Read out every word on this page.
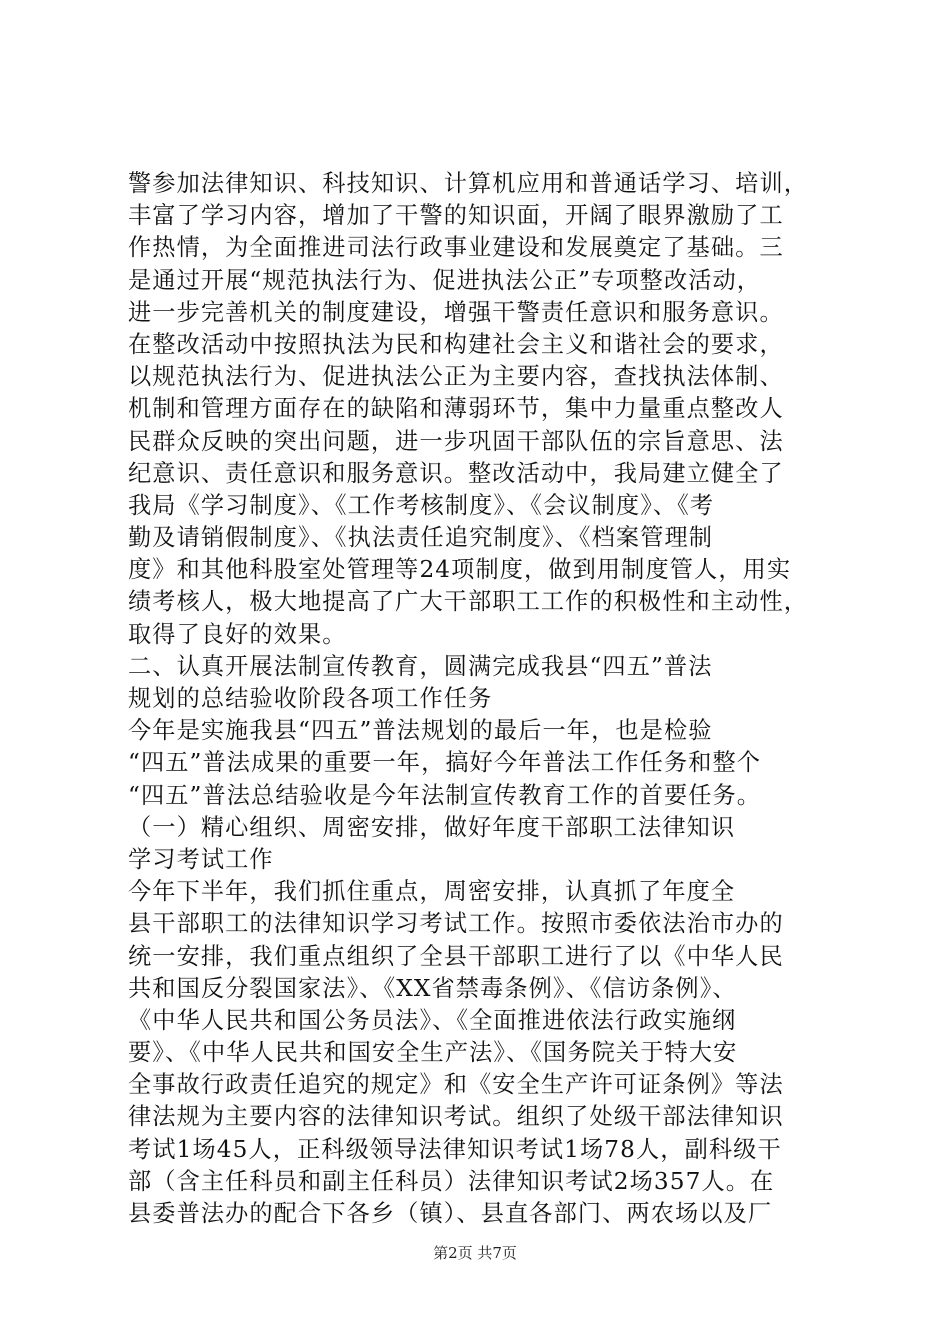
警参加法律知识、科技知识、计算机应用和普通话学习、培训，
丰富了学习内容，增加了干警的知识面，开阔了眼界激励了工
作热情，为全面推进司法行政事业建设和发展奠定了基础。三
是通过开展“规范执法行为、促进执法公正”专项整改活动，
进一步完善机关的制度建设，增强干警责任意识和服务意识。
在整改活动中按照执法为民和构建社会主义和谐社会的要求，
以规范执法行为、促进执法公正为主要内容，查找执法体制、
机制和管理方面存在的缺陷和薄弱环节，集中力量重点整改人
民群众反映的突出问题，进一步巩固干部队伍的宗旨意思、法
纪意识、责任意识和服务意识。整改活动中，我局建立健全了
我局《学习制度》、《工作考核制度》、《会议制度》、《考
勤及请销假制度》、《执法责任追究制度》、《档案管理制
度》和其他科股室处管理等24项制度，做到用制度管人，用实
绩考核人，极大地提高了广大干部职工工作的积极性和主动性，
取得了良好的效果。
二、认真开展法制宣传教育，圆满完成我县“四五”普法
规划的总结验收阶段各项工作任务
今年是实施我县“四五”普法规划的最后一年，也是检验
“四五”普法成果的重要一年，搞好今年普法工作任务和整个
“四五”普法总结验收是今年法制宣传教育工作的首要任务。
（一）精心组织、周密安排，做好年度干部职工法律知识
学习考试工作
今年下半年，我们抓住重点，周密安排，认真抓了年度全
县干部职工的法律知识学习考试工作。按照市委依法治市办的
统一安排，我们重点组织了全县干部职工进行了以《中华人民
共和国反分裂国家法》、《XX省禁毒条例》、《信访条例》、
《中华人民共和国公务员法》、《全面推进依法行政实施纲
要》、《中华人民共和国安全生产法》、《国务院关于特大安
全事故行政责任追究的规定》和《安全生产许可证条例》等法
律法规为主要内容的法律知识考试。组织了处级干部法律知识
考试1场45人，正科级领导法律知识考试1场78人，副科级干
部（含主任科员和副主任科员）法律知识考试2场357人。在
县委普法办的配合下各乡（镇）、县直各部门、两农场以及厂
第2页 共7页
